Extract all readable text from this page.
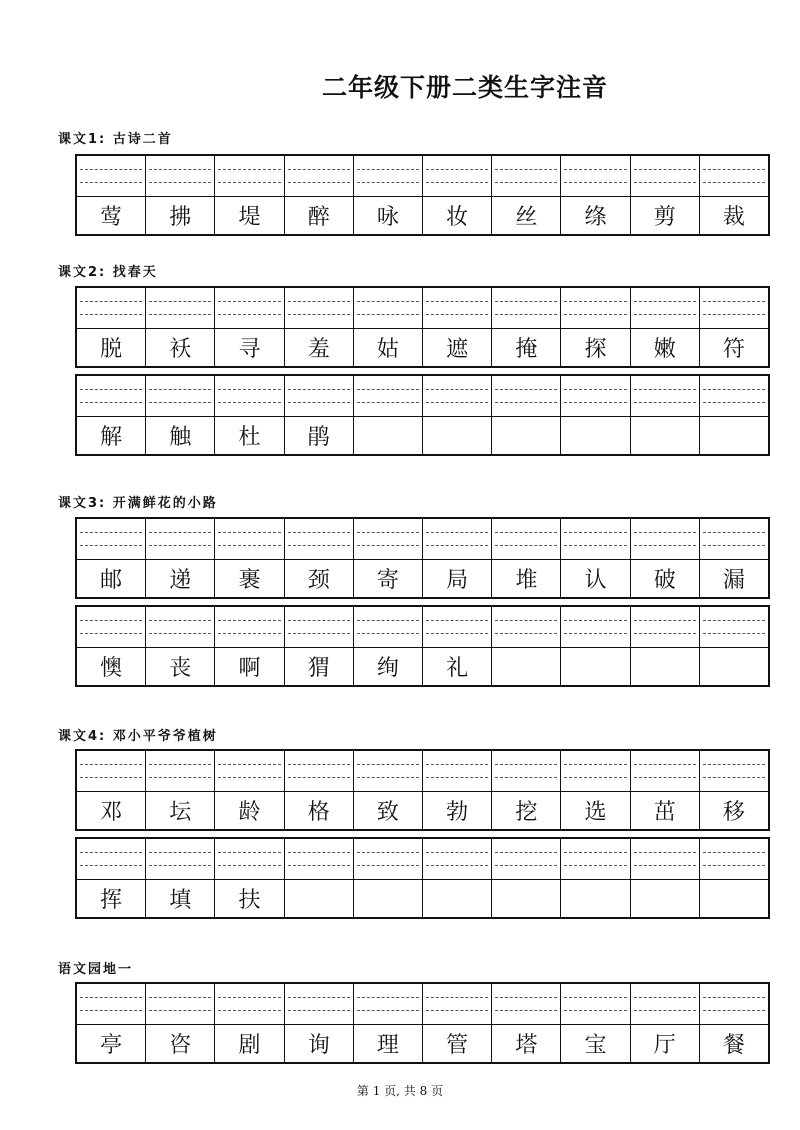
二年级下册二类生字注音
课文1: 古诗二首
莺	拂	堤	醉	咏	妆	丝	绦	剪	裁
课文2: 找春天
脱	袄	寻	羞	姑	遮	掩	探	嫩	符
解	触	杜	鹃
课文3: 开满鲜花的小路
邮	递	裹	颈	寄	局	堆	认	破	漏
懊	丧	啊	猬	绚	礼
课文4: 邓小平爷爷植树
邓	坛	龄	格	致	勃	挖	选	茁	移
挥	填	扶
语文园地一
亭	咨	剧	询	理	管	塔	宝	厅	餐
第 1 页, 共 8 页
